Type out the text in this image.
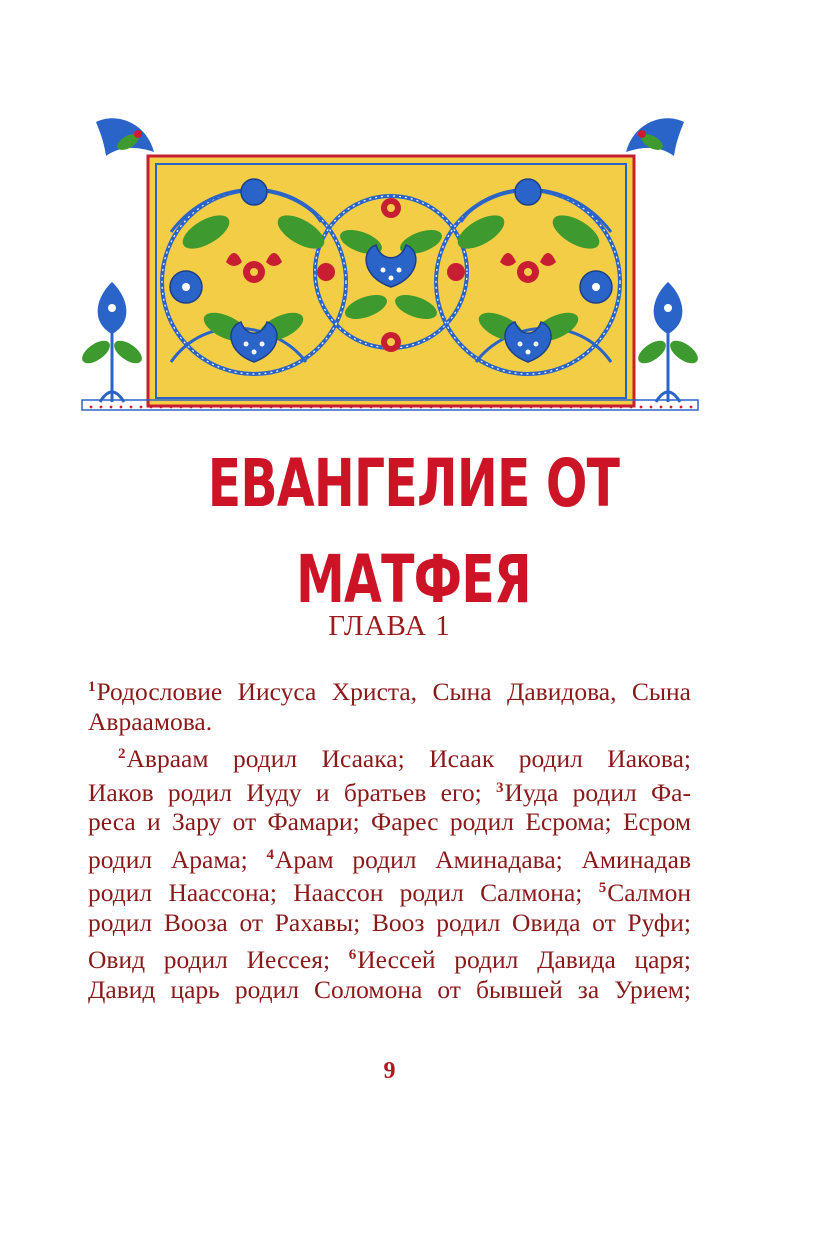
ЕВАНГЕЛИЕ ОТ МАТФЕЯ
ГЛАВА 1
$^1$Родословие Иисуса Христа, Сына Давидова, Сына
Авраамова.
$^2$Авраам родил Исаака; Исаак родил Иакова;
Иаков родил Иуду и братьев его; $^3$Иуда родил Фа-
реса и Зару от Фамари; Фарес родил Есрома; Есром
родил Арама; $^4$Арам родил Аминадава; Аминадав
родил Наассона; Наассон родил Салмона; $^5$Салмон
родил Вооза от Рахавы; Вооз родил Овида от Руфи;
Овид родил Иессея; $^6$Иессей родил Давида царя;
Давид царь родил Соломона от бывшей за Урием;
9
